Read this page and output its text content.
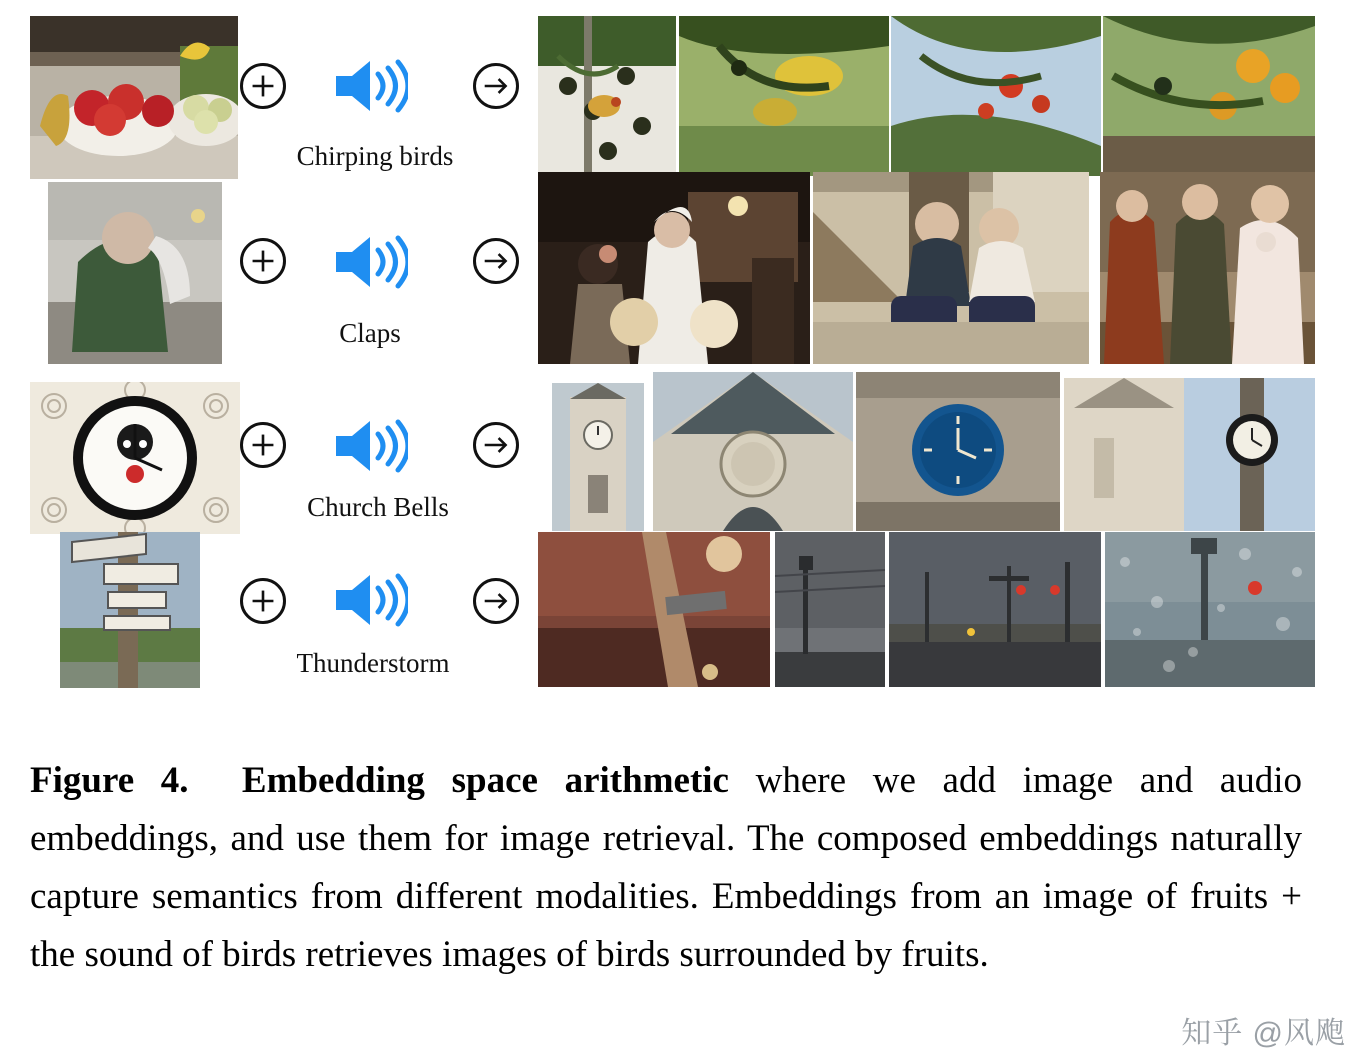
Chirping birds
Claps
Church Bells
Thunderstorm
Figure 4. Embedding space arithmetic where we add image and audio embeddings, and use them for image retrieval. The composed embeddings naturally capture semantics from different modalities. Embeddings from an image of fruits + the sound of birds retrieves images of birds surrounded by fruits.
知乎 @风飑
